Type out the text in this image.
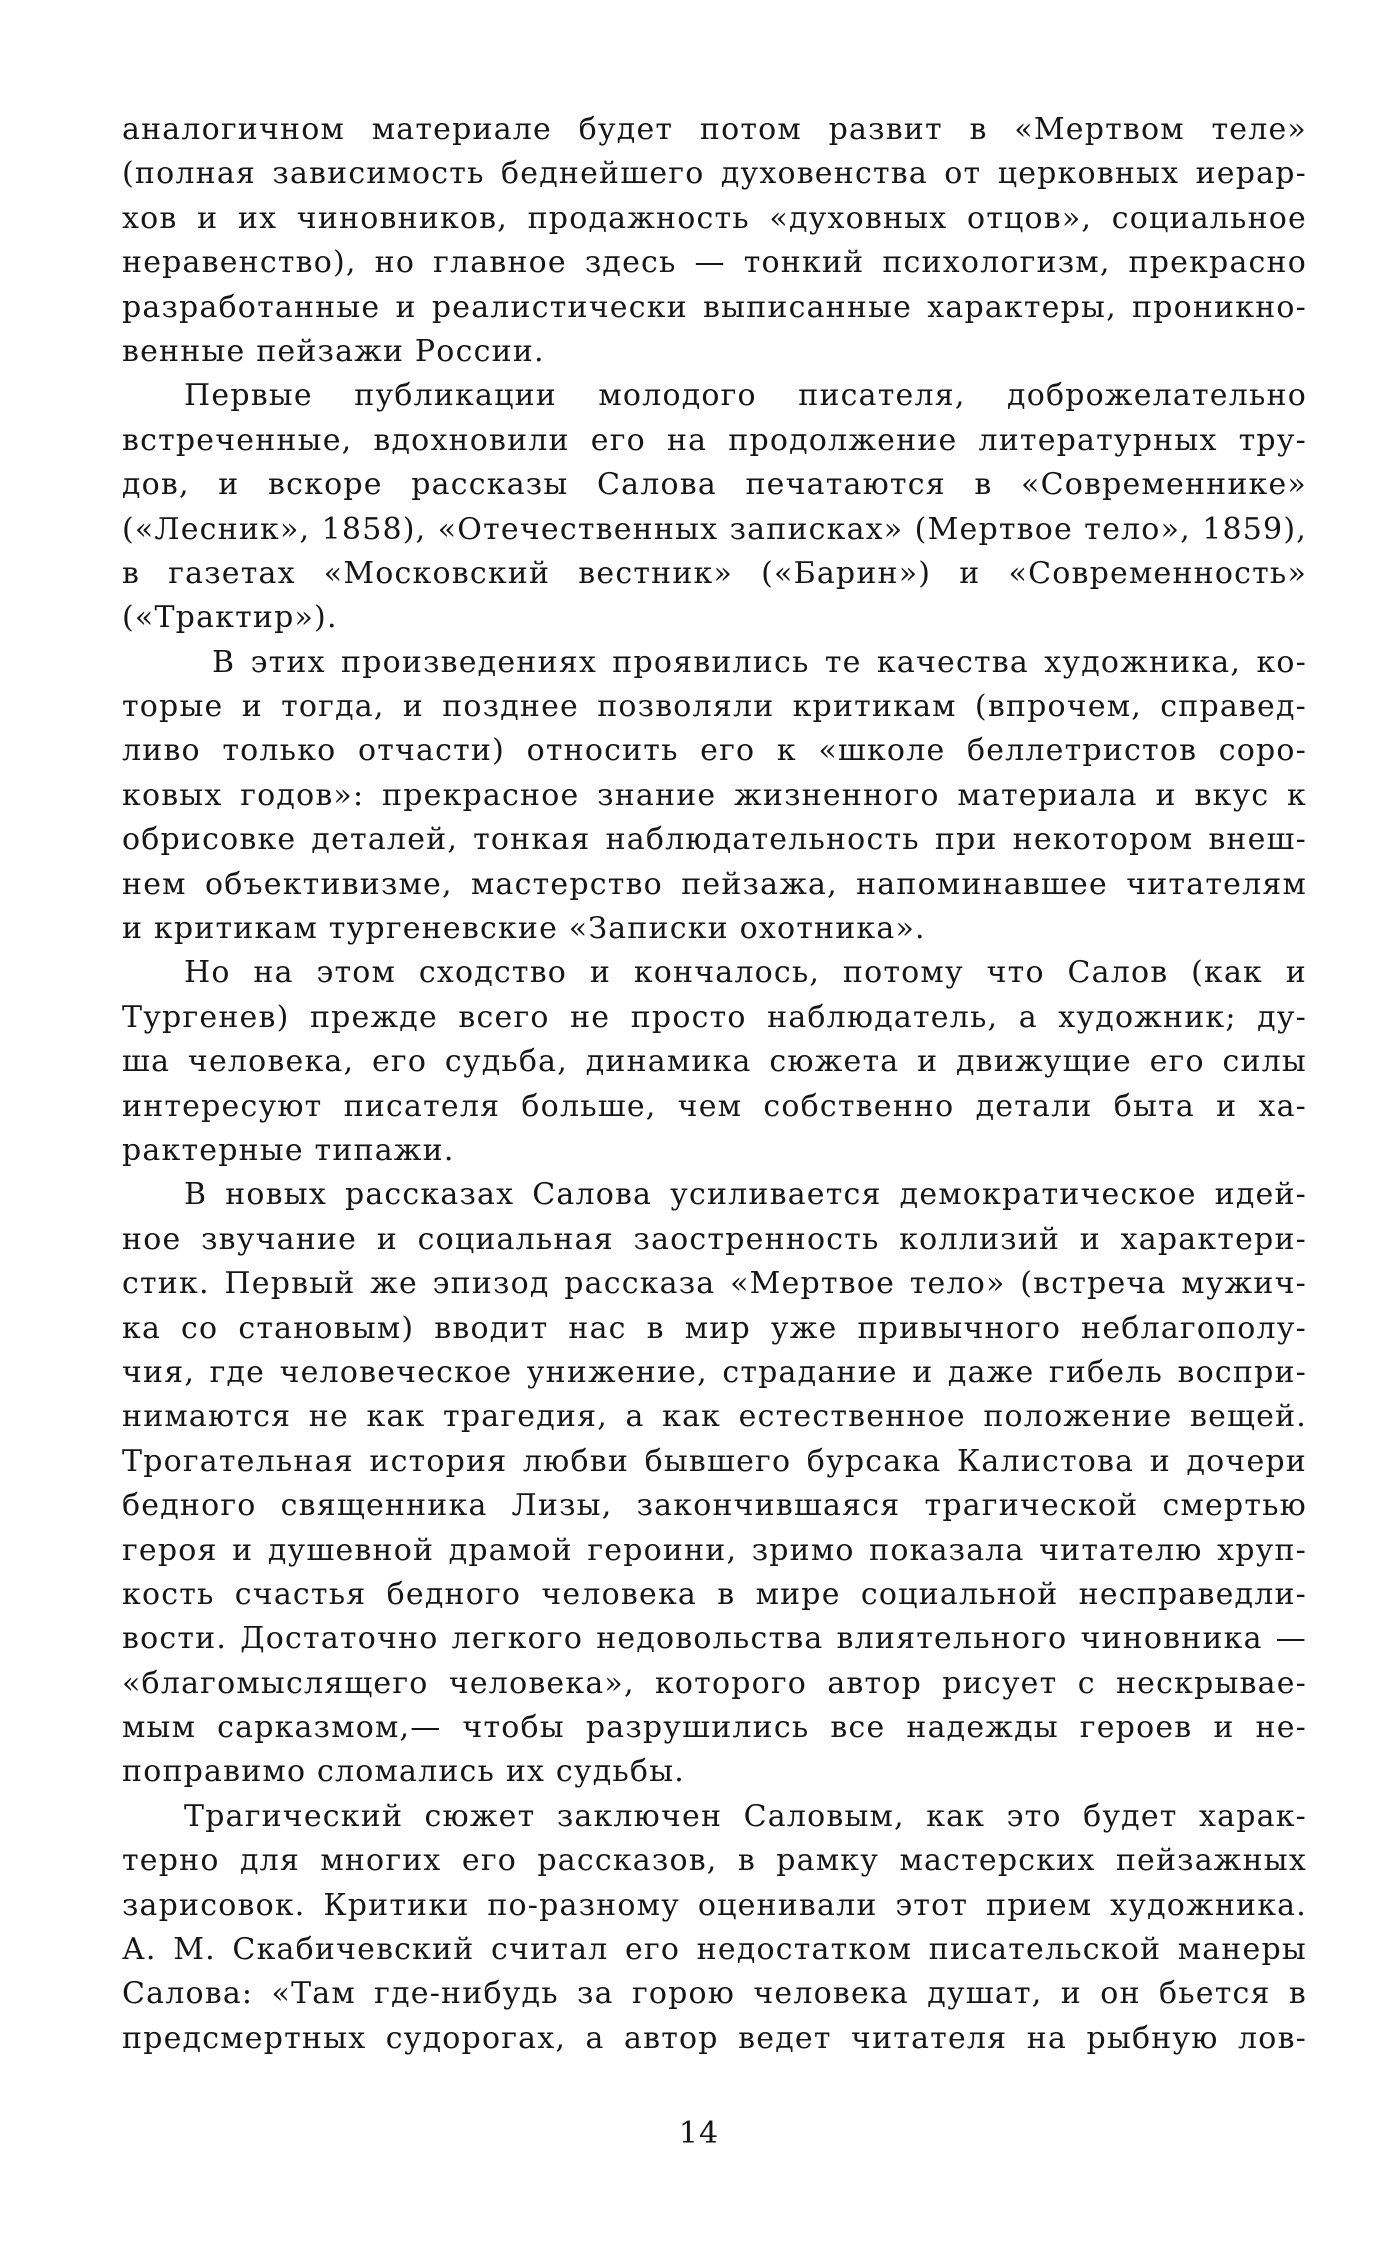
аналогичном материале будет потом развит в «Мертвом теле»
(полная зависимость беднейшего духовенства от церковных иерар-
хов и их чиновников, продажность «духовных отцов», социальное
неравенство), но главное здесь — тонкий психологизм, прекрасно
разработанные и реалистически выписанные характеры, проникно-
венные пейзажи России.
Первые публикации молодого писателя, доброжелательно
встреченные, вдохновили его на продолжение литературных тру-
дов, и вскоре рассказы Салова печатаются в «Современнике»
(«Лесник», 1858), «Отечественных записках» (Мертвое тело», 1859),
в газетах «Московский вестник» («Барин») и «Современность»
(«Трактир»).
В этих произведениях проявились те качества художника, ко-
торые и тогда, и позднее позволяли критикам (впрочем, справед-
ливо только отчасти) относить его к «школе беллетристов соро-
ковых годов»: прекрасное знание жизненного материала и вкус к
обрисовке деталей, тонкая наблюдательность при некотором внеш-
нем объективизме, мастерство пейзажа, напоминавшее читателям
и критикам тургеневские «Записки охотника».
Но на этом сходство и кончалось, потому что Салов (как и
Тургенев) прежде всего не просто наблюдатель, а художник; ду-
ша человека, его судьба, динамика сюжета и движущие его силы
интересуют писателя больше, чем собственно детали быта и ха-
рактерные типажи.
В новых рассказах Салова усиливается демократическое идей-
ное звучание и социальная заостренность коллизий и характери-
стик. Первый же эпизод рассказа «Мертвое тело» (встреча мужич-
ка со становым) вводит нас в мир уже привычного неблагополу-
чия, где человеческое унижение, страдание и даже гибель воспри-
нимаются не как трагедия, а как естественное положение вещей.
Трогательная история любви бывшего бурсака Калистова и дочери
бедного священника Лизы, закончившаяся трагической смертью
героя и душевной драмой героини, зримо показала читателю хруп-
кость счастья бедного человека в мире социальной несправедли-
вости. Достаточно легкого недовольства влиятельного чиновника —
«благомыслящего человека», которого автор рисует с нескрывае-
мым сарказмом,— чтобы разрушились все надежды героев и не-
поправимо сломались их судьбы.
Трагический сюжет заключен Саловым, как это будет харак-
терно для многих его рассказов, в рамку мастерских пейзажных
зарисовок. Критики по-разному оценивали этот прием художника.
А. М. Скабичевский считал его недостатком писательской манеры
Салова: «Там где-нибудь за горою человека душат, и он бьется в
предсмертных судорогах, а автор ведет читателя на рыбную лов-
14
